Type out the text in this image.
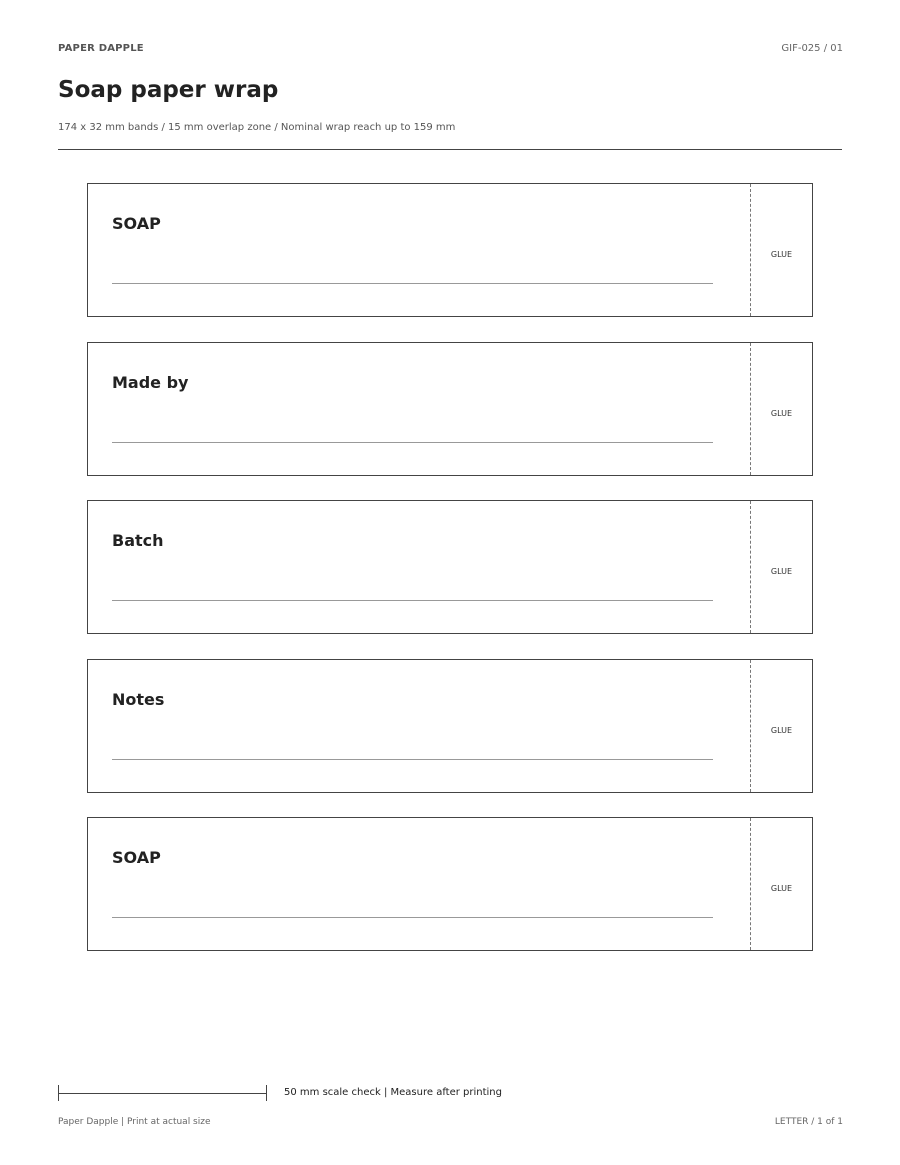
PAPER DAPPLE	GIF-025 / 01
Soap paper wrap
174 x 32 mm bands / 15 mm overlap zone / Nominal wrap reach up to 159 mm
SOAP
GLUE
Made by
GLUE
Batch
GLUE
Notes
GLUE
SOAP
GLUE
50 mm scale check | Measure after printing
Paper Dapple | Print at actual size	LETTER / 1 of 1
